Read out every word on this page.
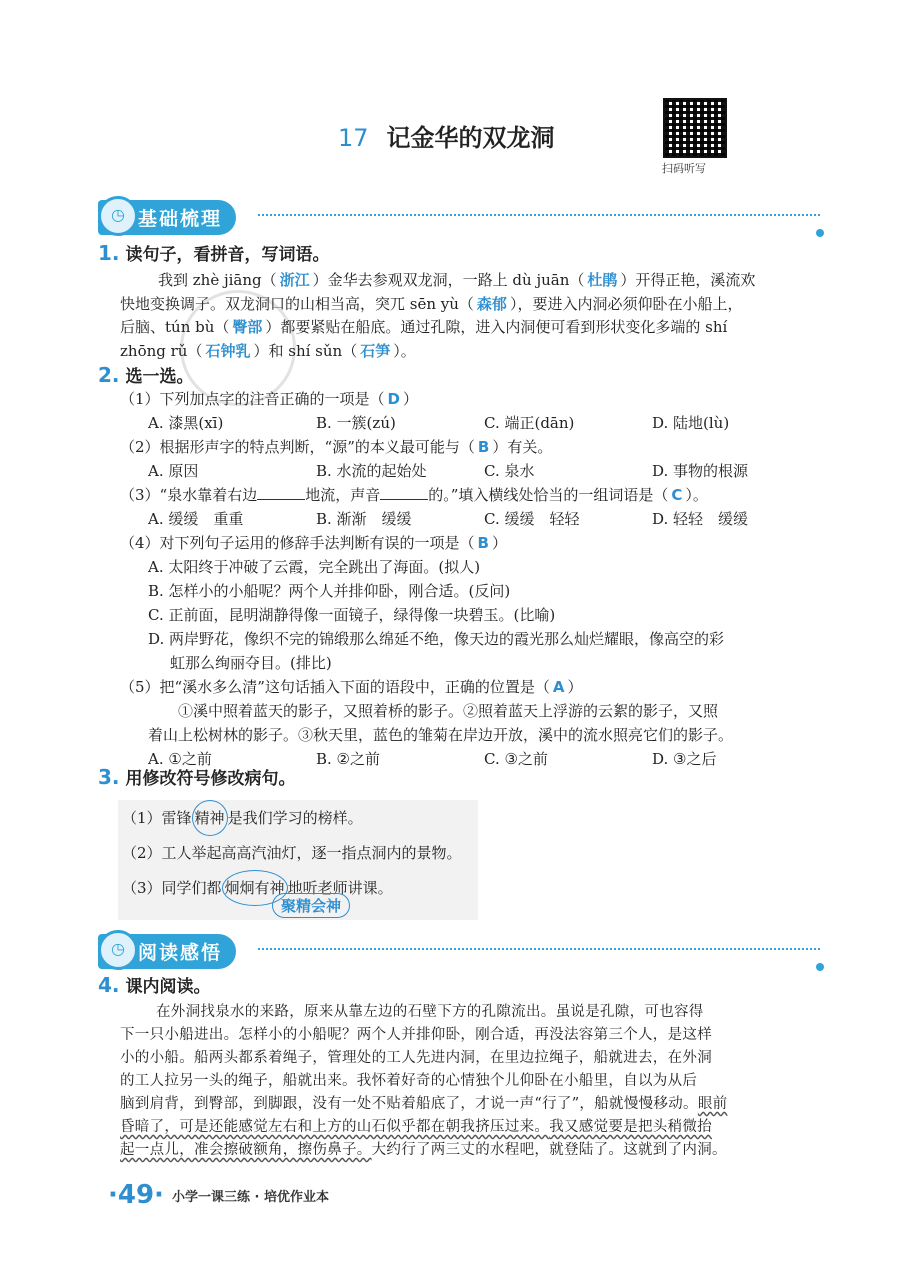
17 记金华的双龙洞
扫码听写
◷ 基础梳理
1. 读句子，看拼音，写词语。
我到 zhè jiāng（ 浙江 ）金华去参观双龙洞，一路上 dù juān（ 杜鹃 ）开得正艳，溪流欢
快地变换调子。双龙洞口的山相当高，突兀 sēn yù（ 森郁 ），要进入内洞必须仰卧在小船上，
后脑、tún bù（ 臀部 ）都要紧贴在船底。通过孔隙，进入内洞便可看到形状变化多端的 shí
zhōng rǔ（ 石钟乳 ）和 shí sǔn（ 石笋 ）。
2. 选一选。
（1）下列加点字的注音正确的一项是（ D ）
A. 漆黑(xī)	B. 一簇(zú)	C. 端正(dān)	D. 陆地(lù)
（2）根据形声字的特点判断，“源”的本义最可能与（ B ）有关。
A. 原因	B. 水流的起始处	C. 泉水	D. 事物的根源
（3）“泉水靠着右边	地流，声音	的。”填入横线处恰当的一组词语是（ C ）。
A. 缓缓　重重	B. 渐渐　缓缓	C. 缓缓　轻轻	D. 轻轻　缓缓
（4）对下列句子运用的修辞手法判断有误的一项是（ B ）
A. 太阳终于冲破了云霞，完全跳出了海面。(拟人)
B. 怎样小的小船呢？两个人并排仰卧，刚合适。(反问)
C. 正前面，昆明湖静得像一面镜子，绿得像一块碧玉。(比喻)
D. 两岸野花，像织不完的锦缎那么绵延不绝，像天边的霞光那么灿烂耀眼，像高空的彩
虹那么绚丽夺目。(排比)
（5）把“溪水多么清”这句话插入下面的语段中，正确的位置是（ A ）
①溪中照着蓝天的影子，又照着桥的影子。②照着蓝天上浮游的云絮的影子，又照
着山上松树林的影子。③秋天里，蓝色的雏菊在岸边开放，溪中的流水照亮它们的影子。
A. ①之前	B. ②之前	C. ③之前	D. ③之后
3. 用修改符号修改病句。
（1）雷锋 精神 是我们学习的榜样。
（2）工人举起高高汽油灯，逐一指点洞内的景物。
（3）同学们都 炯炯有神 地听老师讲课。
聚精会神
◷ 阅读感悟
4. 课内阅读。
在外洞找泉水的来路，原来从靠左边的石壁下方的孔隙流出。虽说是孔隙，可也容得
下一只小船进出。怎样小的小船呢？两个人并排仰卧，刚合适，再没法容第三个人，是这样
小的小船。船两头都系着绳子，管理处的工人先进内洞，在里边拉绳子，船就进去，在外洞
的工人拉另一头的绳子，船就出来。我怀着好奇的心情独个儿仰卧在小船里，自以为从后
脑到肩背，到臀部，到脚跟，没有一处不贴着船底了，才说一声“行了”，船就慢慢移动。眼前
昏暗了，可是还能感觉左右和上方的山石似乎都在朝我挤压过来。我又感觉要是把头稍微抬
起一点儿，准会擦破额角，擦伤鼻子。大约行了两三丈的水程吧，就登陆了。这就到了内洞。
·49· 小学一课三练 · 培优作业本
